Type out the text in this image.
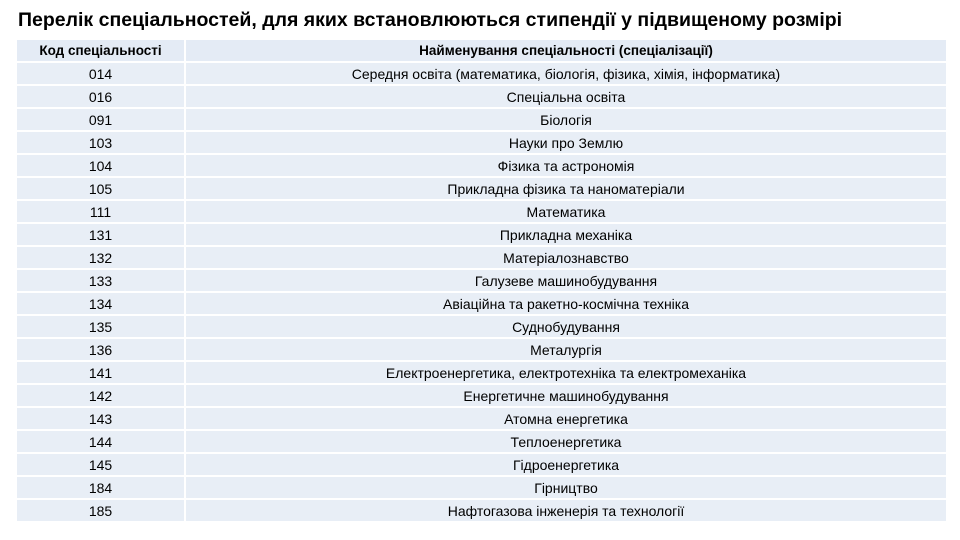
Перелік спеціальностей, для яких встановлюються стипендії у підвищеному розмірі
Код спеціальності	Найменування спеціальності (спеціалізації)
014	Середня освіта (математика, біологія, фізика, хімія, інформатика)
016	Спеціальна освіта
091	Біологія
103	Науки про Землю
104	Фізика та астрономія
105	Прикладна фізика та наноматеріали
111	Математика
131	Прикладна механіка
132	Матеріалознавство
133	Галузеве машинобудування
134	Авіаційна та ракетно-космічна техніка
135	Суднобудування
136	Металургія
141	Електроенергетика, електротехніка та електромеханіка
142	Енергетичне машинобудування
143	Атомна енергетика
144	Теплоенергетика
145	Гідроенергетика
184	Гірництво
185	Нафтогазова інженерія та технології
